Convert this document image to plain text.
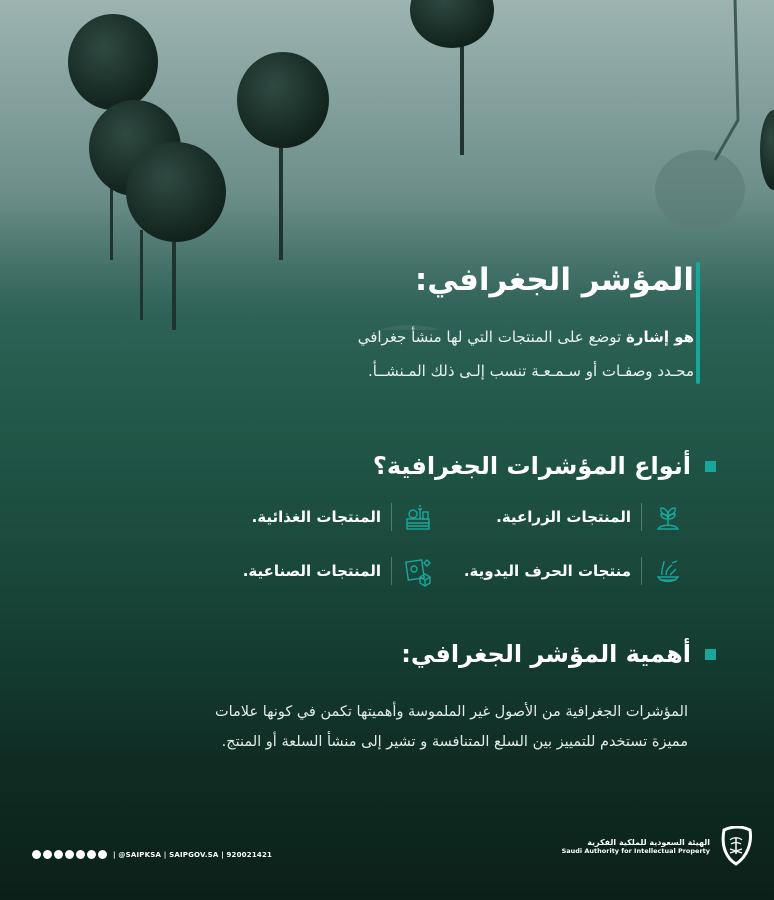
المؤشر الجغرافي:

هو إشارة توضع على المنتجات التي لها منشأ جغرافي
محـدد وصفـات أو سـمـعـة تنسب إلـى ذلك المـنشــأ.

أنواع المؤشرات الجغرافية؟
المنتجات الزراعية.
المنتجات الغذائية.
منتجات الحرف اليدوية.
المنتجات الصناعية.
أهمية المؤشر الجغرافي:
المؤشرات الجغرافية من الأصول غير الملموسة وأهميتها تكمن في كونها علامات
مميزة تستخدم للتمييز بين السلع المتنافسة و تشير إلى منشأ السلعة أو المنتج.
| @SAIPKSA | SAIPGOV.SA | 920021421
الهيئة السعودية للملكية الفكرية
Saudi Authority for Intellectual Property
